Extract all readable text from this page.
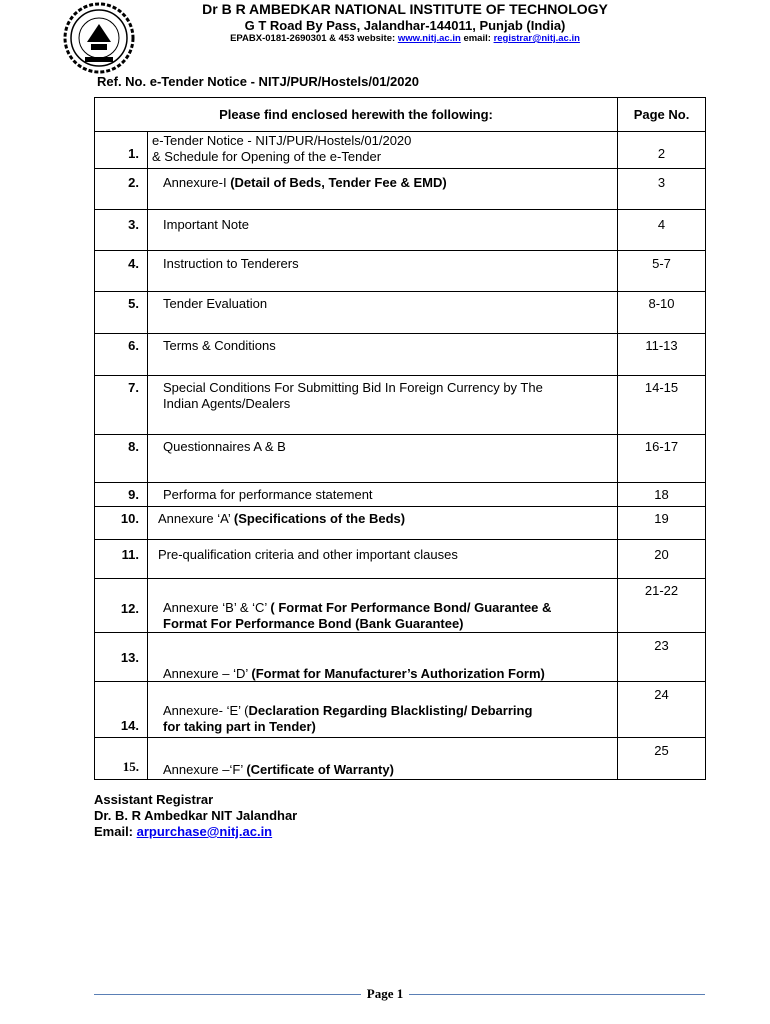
Dr B R AMBEDKAR NATIONAL INSTITUTE OF TECHNOLOGY
G T Road By Pass, Jalandhar-144011, Punjab (India)
EPABX-0181-2690301 & 453 website: www.nitj.ac.in email: registrar@nitj.ac.in
Ref. No. e-Tender Notice - NITJ/PUR/Hostels/01/2020
Please find enclosed herewith the following:		Page No.

1.	e-Tender Notice - NITJ/PUR/Hostels/01/2020
& Schedule for Opening of the e-Tender	2

2.	Annexure-I (Detail of Beds, Tender Fee & EMD)	3

3.	Important Note	4

4.	Instruction to Tenderers	5-7

5.	Tender Evaluation	8-10

6.	Terms & Conditions	11-13

7.	Special Conditions For Submitting Bid In Foreign Currency by The
Indian Agents/Dealers	14-15

8.	Questionnaires A & B	16-17

9.	Performa for performance statement	18

10.	Annexure ‘A’ (Specifications of the Beds)	19

11.	Pre-qualification criteria and other important clauses	20

12.	Annexure ‘B’ & ‘C’ ( Format For Performance Bond/ Guarantee &
Format For Performance Bond (Bank Guarantee)	21-22

13.	Annexure – ‘D’ (Format for Manufacturer’s Authorization Form)	23

14.	Annexure- ‘E’ (Declaration Regarding Blacklisting/ Debarring
for taking part in Tender)	24

15.	Annexure –‘F’ (Certificate of Warranty)	25
Assistant Registrar
Dr. B. R Ambedkar NIT Jalandhar
Email: arpurchase@nitj.ac.in
Page 1
